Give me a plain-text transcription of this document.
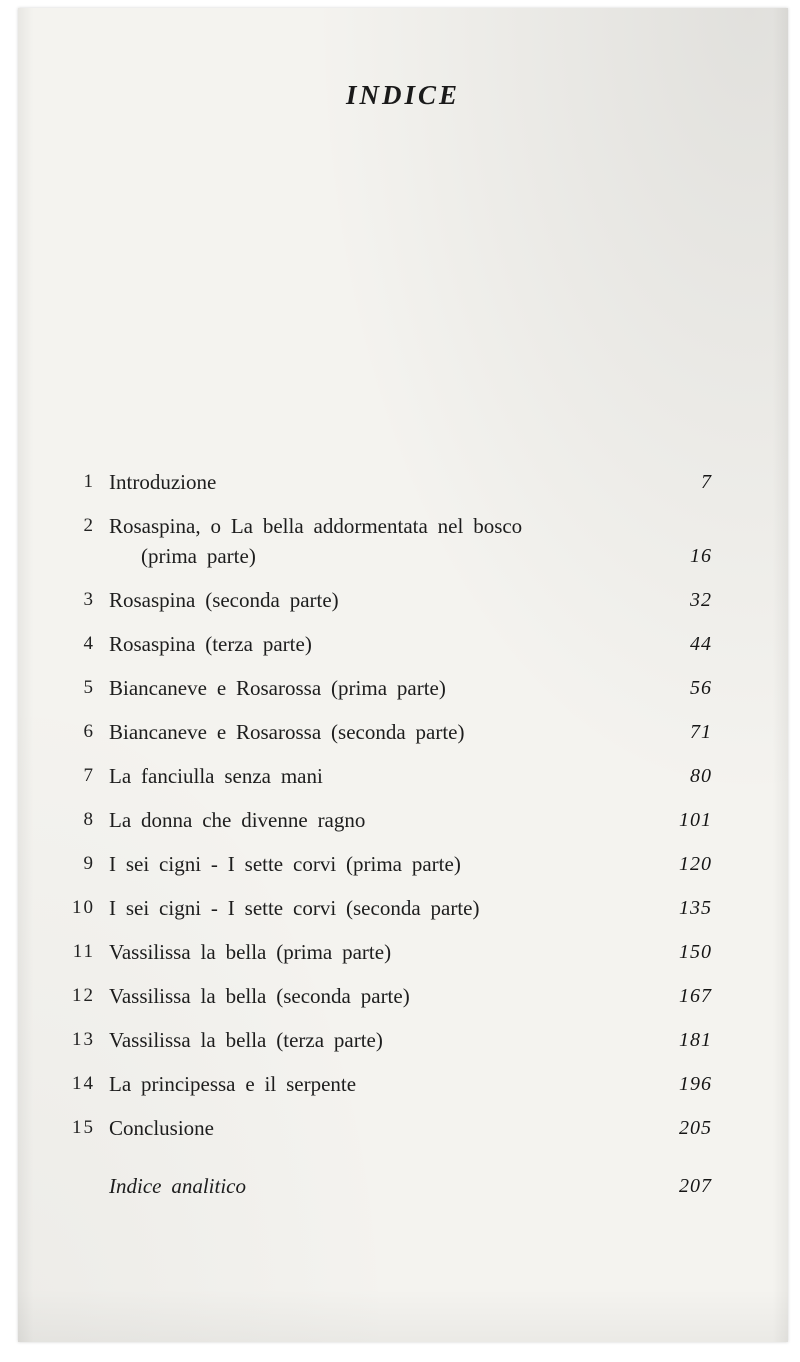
INDICE
1 Introduzione	7
2 Rosaspina, o La bella addormentata nel bosco
(prima parte)	16
3 Rosaspina (seconda parte)	32
4 Rosaspina (terza parte)	44
5 Biancaneve e Rosarossa (prima parte)	56
6 Biancaneve e Rosarossa (seconda parte)	71
7 La fanciulla senza mani	80
8 La donna che divenne ragno	101
9 I sei cigni - I sette corvi (prima parte)	120
10 I sei cigni - I sette corvi (seconda parte)	135
11 Vassilissa la bella (prima parte)	150
12 Vassilissa la bella (seconda parte)	167
13 Vassilissa la bella (terza parte)	181
14 La principessa e il serpente	196
15 Conclusione	205
Indice analitico	207
